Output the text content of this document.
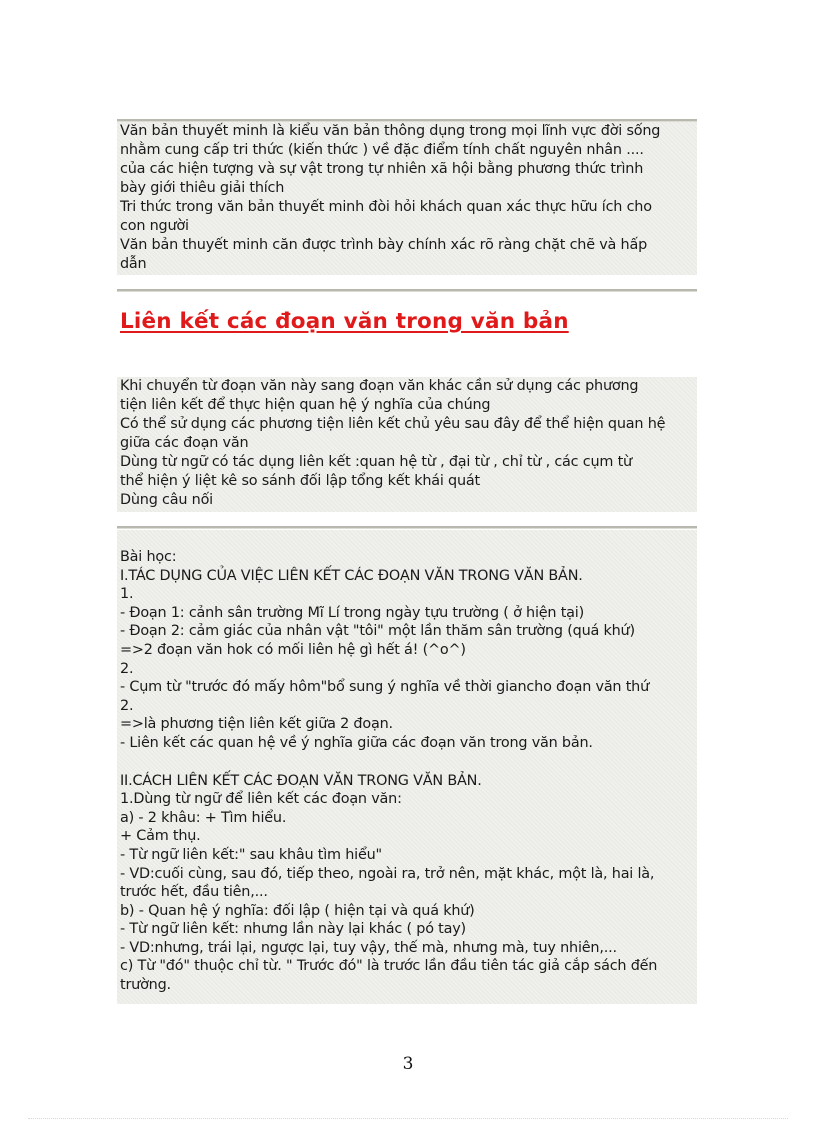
Văn bản thuyết minh là kiểu văn bản thông dụng trong mọi lĩnh vực đời sống
nhằm cung cấp tri thức (kiến thức ) về đặc điểm tính chất nguyên nhân ....
của các hiện tượng và sự vật trong tự nhiên xã hội bằng phương thức trình
bày giới thiêu giải thích

Tri thức trong văn bản thuyết minh đòi hỏi khách quan xác thực hữu ích cho
con người

Văn bản thuyết minh căn được trình bày chính xác rõ ràng chặt chẽ và hấp
dẫn

Liên kết các đoạn văn trong văn bản

Khi chuyển từ đoạn văn này sang đoạn văn khác cần sử dụng các phương
tiện liên kết để thực hiện quan hệ ý nghĩa của chúng

Có thể sử dụng các phương tiện liên kết chủ yêu sau đây để thể hiện quan hệ
giữa các đoạn văn

Dùng từ ngữ có tác dụng liên kết :quan hệ từ , đại từ , chỉ từ , các cụm từ
thể hiện ý liệt kê so sánh đối lập tổng kết khái quát

Dùng câu nối

Bài học:

I.TÁC DỤNG CỦA VIỆC LIÊN KẾT CÁC ĐOẠN VĂN TRONG VĂN BẢN.

1.

- Đoạn 1: cảnh sân trường Mĩ Lí trong ngày tựu trường ( ở hiện tại)

- Đoạn 2: cảm giác của nhân vật "tôi" một lần thăm sân trường (quá khứ)

=>2 đoạn văn hok có mối liên hệ gì hết á! (^o^)

2.

- Cụm từ "trước đó mấy hôm"bổ sung ý nghĩa về thời giancho đoạn văn thứ
2.

=>là phương tiện liên kết giữa 2 đoạn.

- Liên kết các quan hệ về ý nghĩa giữa các đoạn văn trong văn bản.

II.CÁCH LIÊN KẾT CÁC ĐOẠN VĂN TRONG VĂN BẢN.

1.Dùng từ ngữ để liên kết các đoạn văn:

a) - 2 khâu: + Tìm hiểu.

+ Cảm thụ.

- Từ ngữ liên kết:" sau khâu tìm hiểu"

- VD:cuối cùng, sau đó, tiếp theo, ngoài ra, trở nên, mặt khác, một là, hai là,
trước hết, đầu tiên,...

b) - Quan hệ ý nghĩa: đối lập ( hiện tại và quá khứ)

- Từ ngữ liên kết: nhưng lần này lại khác ( pó tay)

- VD:nhưng, trái lại, ngược lại, tuy vậy, thế mà, nhưng mà, tuy nhiên,...

c) Từ "đó" thuộc chỉ từ. " Trước đó" là trước lần đầu tiên tác giả cắp sách đến
trường.

3
